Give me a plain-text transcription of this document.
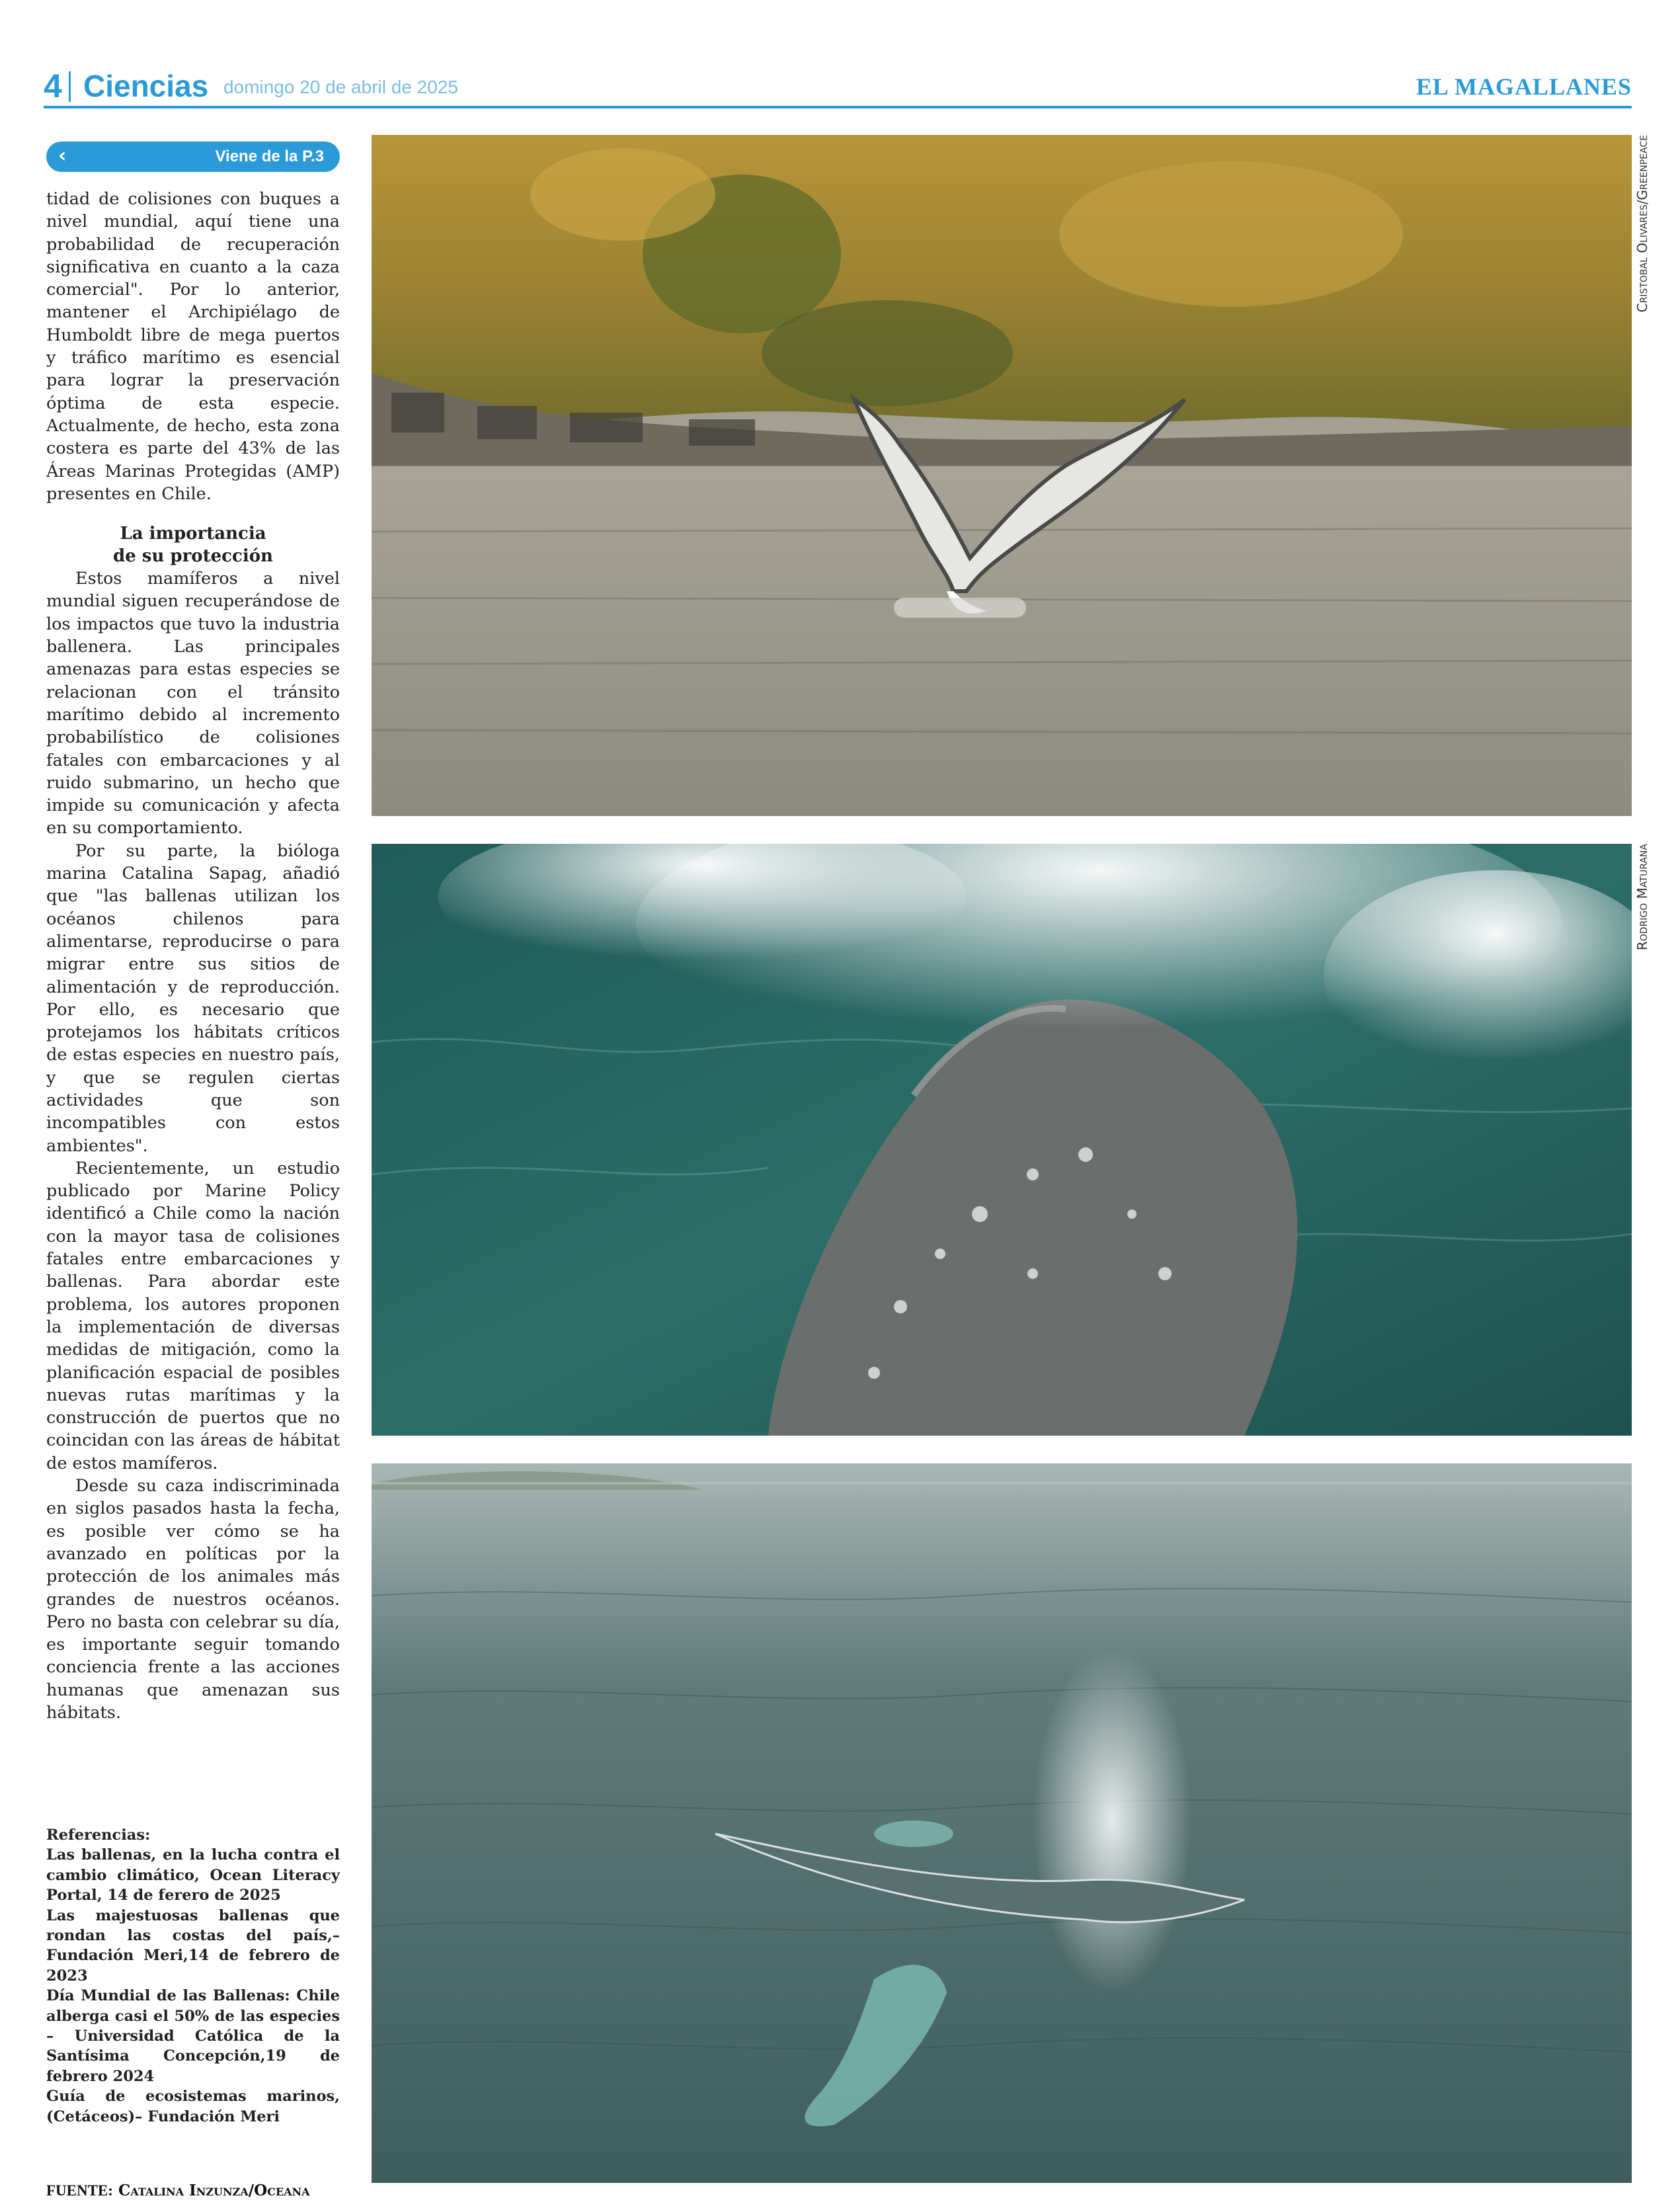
4 Ciencias domingo 20 de abril de 2025	EL MAGALLANES
‹	Viene de la P.3

tidad de colisiones con buques a nivel mundial, aquí tiene una probabilidad de recuperación significativa en cuanto a la caza comercial". Por lo anterior, mantener el Archipiélago de Humboldt libre de mega puertos y tráfico marítimo es esencial para lograr la preservación óptima de esta especie. Actualmente, de hecho, esta zona costera es parte del 43% de las Áreas Marinas Protegidas (AMP) presentes en Chile.

La importancia
de su protección

Estos mamíferos a nivel mundial siguen recuperándose de los impactos que tuvo la industria ballenera. Las principales amenazas para estas especies se relacionan con el tránsito marítimo debido al incremento probabilístico de colisiones fatales con embarcaciones y al ruido submarino, un hecho que impide su comunicación y afecta en su comportamiento.

Por su parte, la bióloga marina Catalina Sapag, añadió que "las ballenas utilizan los océanos chilenos para alimentarse, reproducirse o para migrar entre sus sitios de alimentación y de reproducción. Por ello, es necesario que protejamos los hábitats críticos de estas especies en nuestro país, y que se regulen ciertas actividades que son incompatibles con estos ambientes".

Recientemente, un estudio publicado por Marine Policy identificó a Chile como la nación con la mayor tasa de colisiones fatales entre embarcaciones y ballenas. Para abordar este problema, los autores proponen la implementación de diversas medidas de mitigación, como la planificación espacial de posibles nuevas rutas marítimas y la construcción de puertos que no coincidan con las áreas de hábitat de estos mamíferos.

Desde su caza indiscriminada en siglos pasados hasta la fecha, es posible ver cómo se ha avanzado en políticas por la protección de los animales más grandes de nuestros océanos. Pero no basta con celebrar su día, es importante seguir tomando conciencia frente a las acciones humanas que amenazan sus hábitats.

Referencias:

Las ballenas, en la lucha contra el cambio climático, Ocean Literacy Portal, 14 de ferero de 2025

Las majestuosas ballenas que rondan las costas del país,–Fundación Meri,14 de febrero de 2023

Día Mundial de las Ballenas: Chile alberga casi el 50% de las especies – Universidad Católica de la Santísima Concepción,19 de febrero 2024

Guía de ecosistemas marinos, (Cetáceos)– Fundación Meri

FUENTE: Catalina Inzunza/Oceana
Cristobal Olivares/Greenpeace
Rodrigo Maturana
